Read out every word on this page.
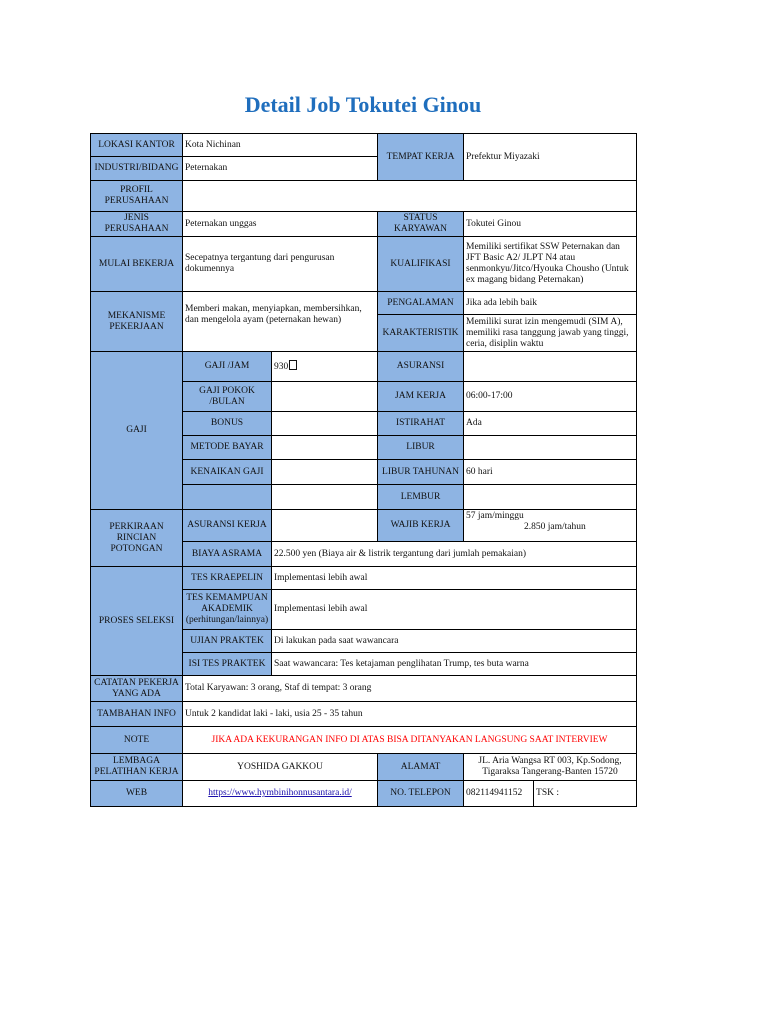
Detail Job Tokutei Ginou
LOKASI KANTOR	Kota Nichinan		TEMPAT KERJA	Prefektur Miyazaki	
INDUSTRI/BIDANG	Peternakan				
PROFIL PERUSAHAAN					
JENIS PERUSAHAAN	Peternakan unggas		STATUS KARYAWAN	Tokutei Ginou	
MULAI BEKERJA	Secepatnya tergantung dari pengurusan dokumennya		KUALIFIKASI	Memiliki sertifikat SSW Peternakan dan JFT Basic A2/ JLPT N4 atau senmonkyu/Jitco/Hyouka Chousho (Untuk ex magang bidang Peternakan)	
MEKANISME PEKERJAAN	Memberi makan, menyiapkan, membersihkan, dan mengelola ayam (peternakan hewan)		PENGALAMAN	Jika ada lebih baik	
			KARAKTERISTIK	Memiliki surat izin mengemudi (SIM A), memiliki rasa tanggung jawab yang tinggi, ceria, disiplin waktu	
GAJI	GAJI /JAM	930	ASURANSI		
	GAJI POKOK /BULAN		JAM KERJA	06:00-17:00	
	BONUS		ISTIRAHAT	Ada	
	METODE BAYAR		LIBUR		
	KENAIKAN GAJI		LIBUR TAHUNAN	60 hari	
			LEMBUR		
PERKIRAAN RINCIAN POTONGAN	ASURANSI KERJA		WAJIB KERJA	57 jam/minggu
2.850 jam/tahun	

	BIAYA ASRAMA	22.500 yen (Biaya air & listrik tergantung dari jumlah pemakaian)			
PROSES SELEKSI	TES KRAEPELIN	Implementasi lebih awal			
	TES KEMAMPUAN AKADEMIK (perhitungan/lainnya)	Implementasi lebih awal			
	UJIAN PRAKTEK	Di lakukan pada saat wawancara			
	ISI TES PRAKTEK	Saat wawancara: Tes ketajaman penglihatan Trump, tes buta warna			
CATATAN PEKERJA YANG ADA	Total Karyawan: 3 orang, Staf di tempat: 3 orang				
TAMBAHAN INFO	Untuk 2 kandidat laki - laki, usia 25 - 35 tahun				
NOTE	JIKA ADA KEKURANGAN INFO DI ATAS BISA DITANYAKAN LANGSUNG SAAT INTERVIEW				
LEMBAGA PELATIHAN KERJA	YOSHIDA GAKKOU		ALAMAT	JL. Aria Wangsa RT 003, Kp.Sodong,
Tigaraksa Tangerang-Banten 15720	

WEB	https://www.hymbinihonnusantara.id/		NO. TELEPON	082114941152	TSK :
